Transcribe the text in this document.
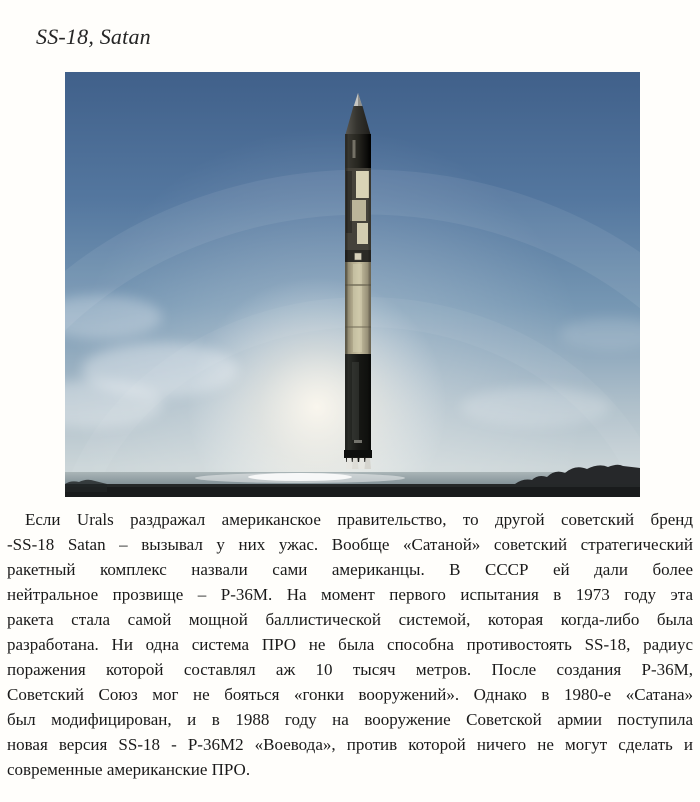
SS-18, Satan

Если Urals раздражал американское правительство, то другой советский бренд

-SS-18 Satan – вызывал у них ужас. Вообще «Сатаной» советский стратегический

ракетный комплекс назвали сами американцы. В СССР ей дали более

нейтральное прозвище – Р-36М. На момент первого испытания в 1973 году эта

ракета стала самой мощной баллистической системой, которая когда-либо была

разработана. Ни одна система ПРО не была способна противостоять SS-18, радиус

поражения которой составлял аж 10 тысяч метров. После создания Р-36М,

Советский Союз мог не бояться «гонки вооружений». Однако в 1980-е «Сатана»

был модифицирован, и в 1988 году на вооружение Советской армии поступила

новая версия SS-18 - Р-36М2 «Воевода», против которой ничего не могут сделать и

современные американские ПРО.
